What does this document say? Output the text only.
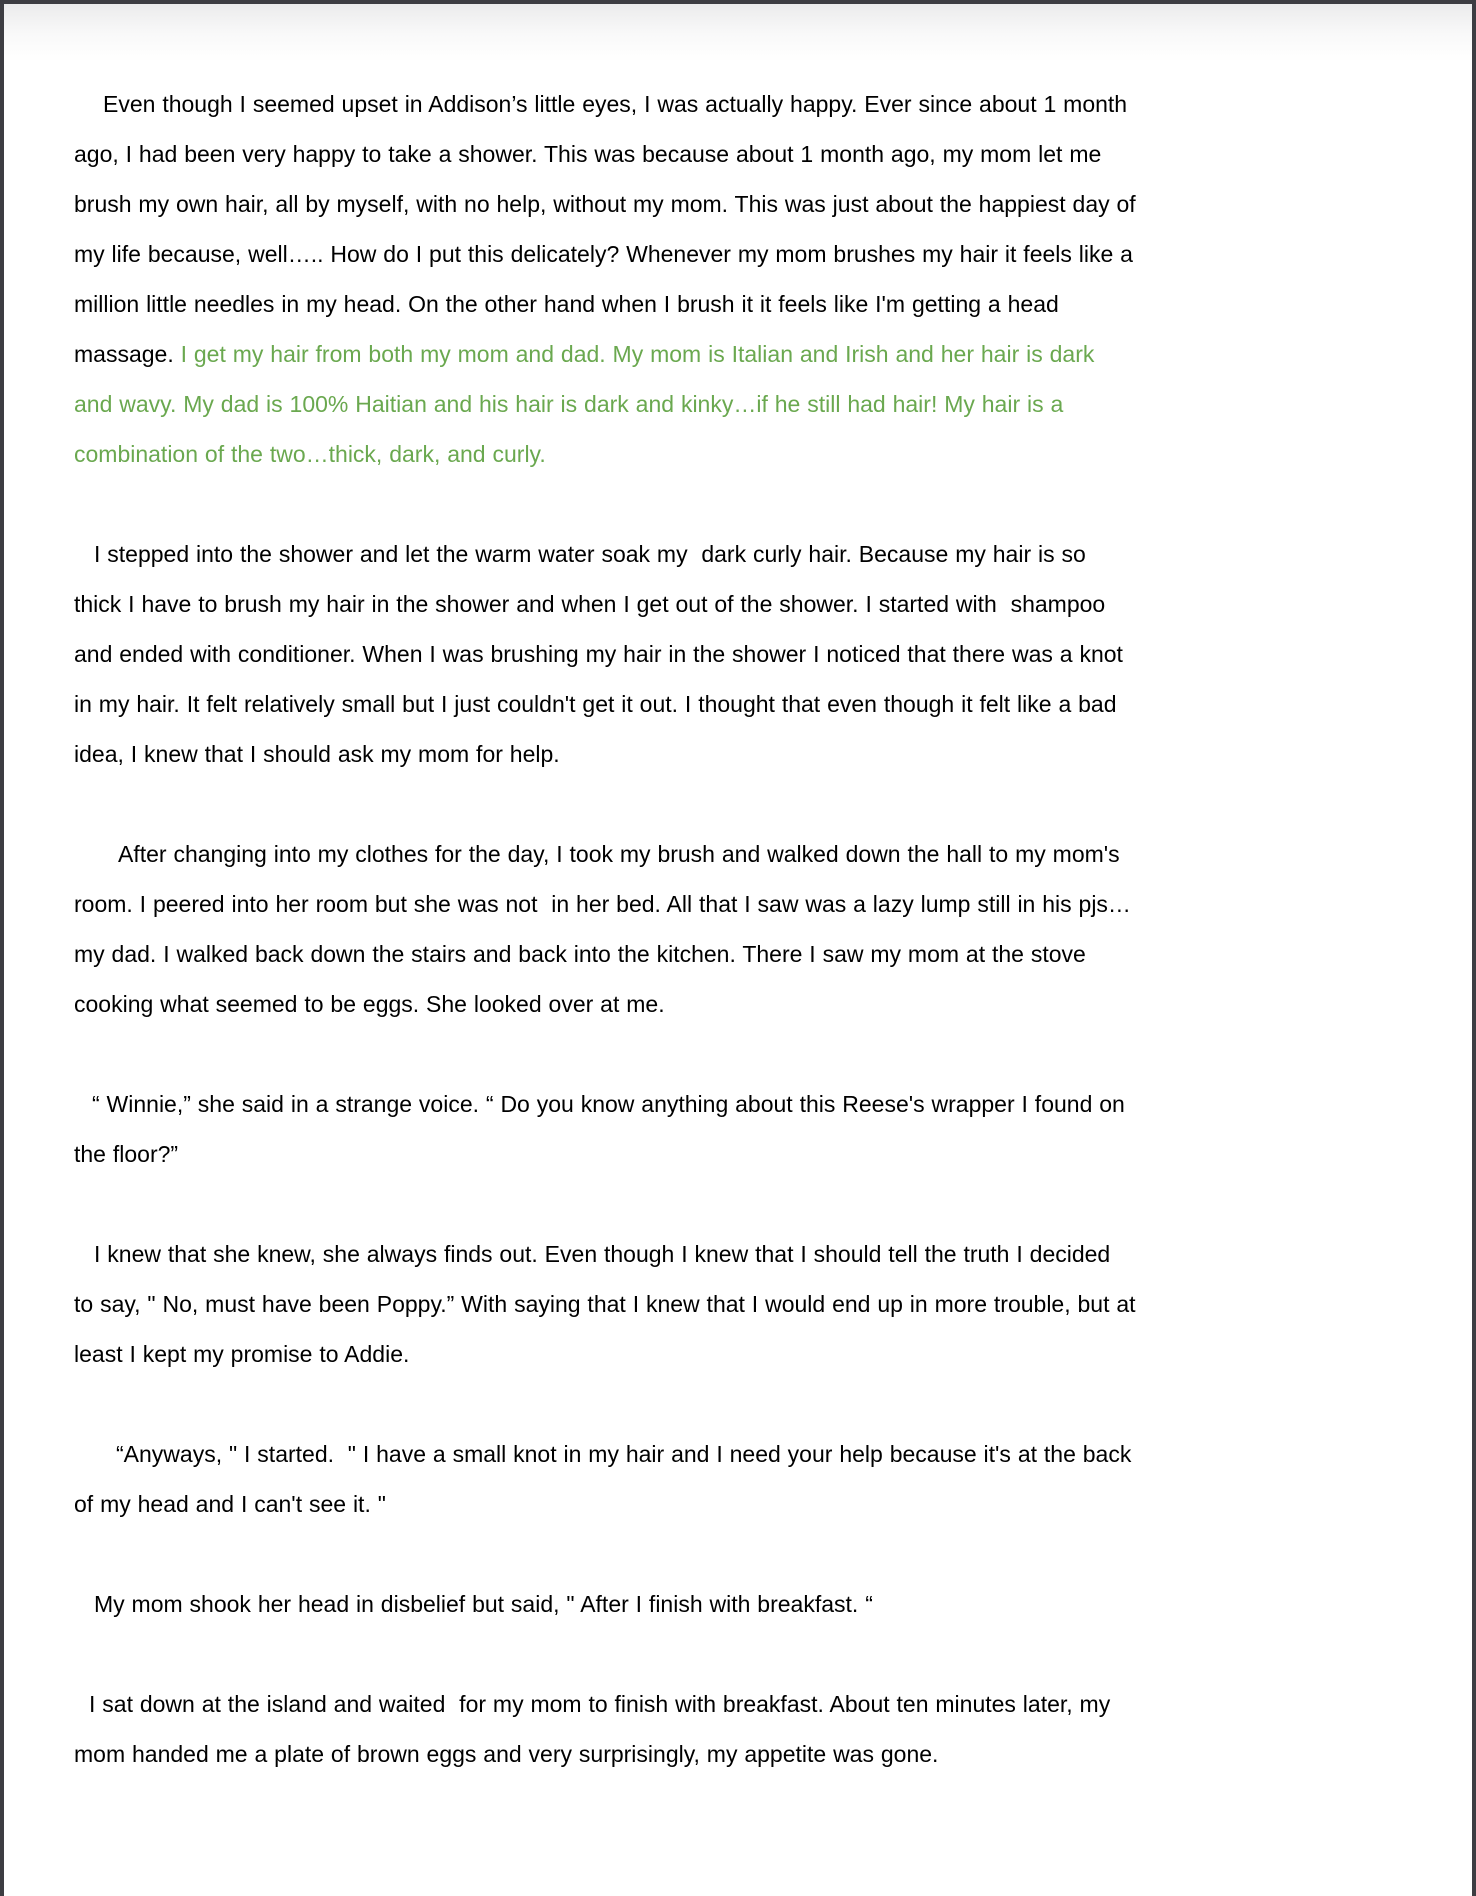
Even though I seemed upset in Addison’s little eyes, I was actually happy. Ever since about 1 month ago, I had been very happy to take a shower. This was because about 1 month ago, my mom let me brush my own hair, all by myself, with no help, without my mom. This was just about the happiest day of my life because, well….. How do I put this delicately? Whenever my mom brushes my hair it feels like a million little needles in my head. On the other hand when I brush it it feels like I'm getting a head massage. I get my hair from both my mom and dad. My mom is Italian and Irish and her hair is dark and wavy. My dad is 100% Haitian and his hair is dark and kinky…if he still had hair! My hair is a combination of the two…thick, dark, and curly.

I stepped into the shower and let the warm water soak my  dark curly hair. Because my hair is so thick I have to brush my hair in the shower and when I get out of the shower. I started with  shampoo and ended with conditioner. When I was brushing my hair in the shower I noticed that there was a knot in my hair. It felt relatively small but I just couldn't get it out. I thought that even though it felt like a bad idea, I knew that I should ask my mom for help.

After changing into my clothes for the day, I took my brush and walked down the hall to my mom's room. I peered into her room but she was not  in her bed. All that I saw was a lazy lump still in his pjs…my dad. I walked back down the stairs and back into the kitchen. There I saw my mom at the stove cooking what seemed to be eggs. She looked over at me.

“ Winnie,” she said in a strange voice. “ Do you know anything about this Reese's wrapper I found on the floor?”

I knew that she knew, she always finds out. Even though I knew that I should tell the truth I decided to say, " No, must have been Poppy.” With saying that I knew that I would end up in more trouble, but at least I kept my promise to Addie.

“Anyways, " I started.  " I have a small knot in my hair and I need your help because it's at the back of my head and I can't see it. "

My mom shook her head in disbelief but said, " After I finish with breakfast. “

I sat down at the island and waited  for my mom to finish with breakfast. About ten minutes later, my mom handed me a plate of brown eggs and very surprisingly, my appetite was gone.
